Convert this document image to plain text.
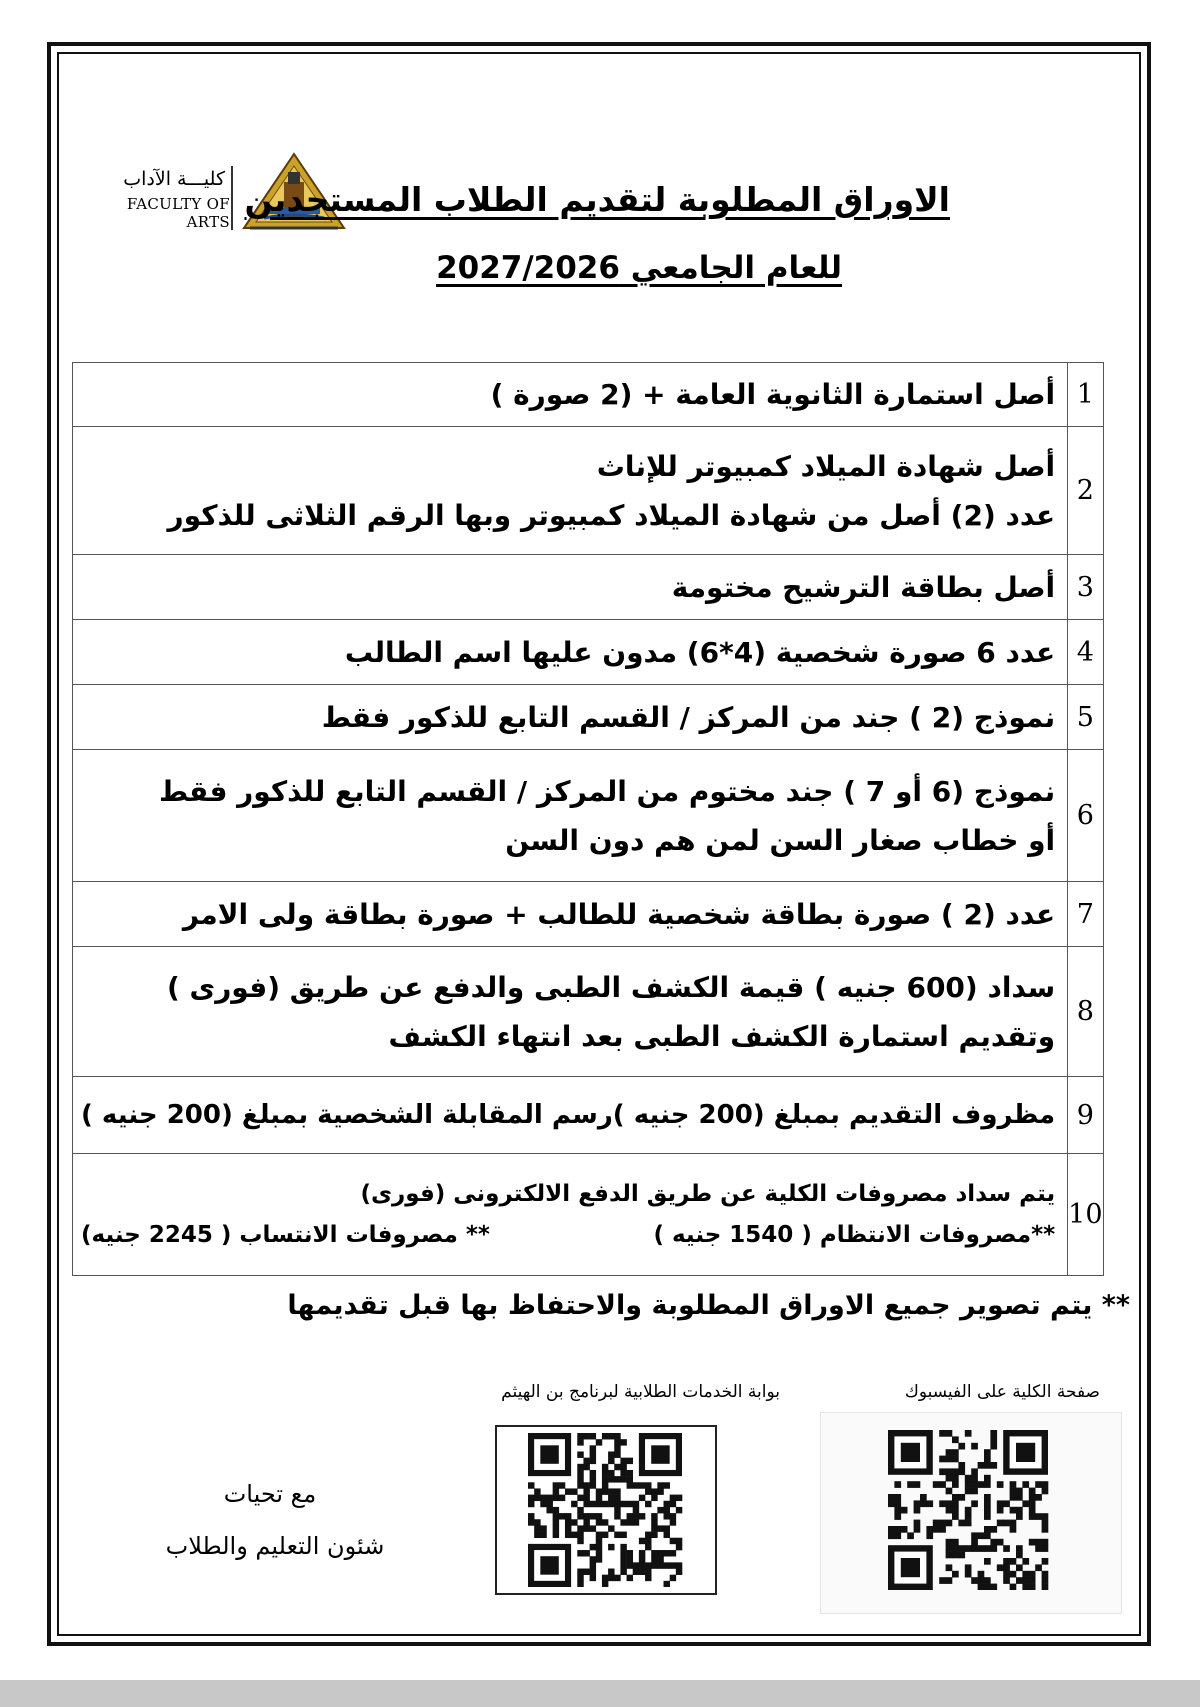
كليـــة الآداب
FACULTY OF ARTS
الاوراق المطلوبة لتقديم الطلاب المستجدين
للعام الجامعي 2027/2026
1	أصل استمارة الثانوية العامة + (2 صورة )

2	أصل شهادة الميلاد كمبيوتر للإناث
عدد (2) أصل من شهادة الميلاد كمبيوتر وبها الرقم الثلاثى للذكور

3	أصل بطاقة الترشيح مختومة

4	عدد 6 صورة شخصية (4*6) مدون عليها اسم الطالب

5	نموذج (2 ) جند من المركز / القسم التابع للذكور فقط

6	نموذج (6 أو 7 ) جند مختوم من المركز / القسم التابع للذكور فقط
أو خطاب صغار السن لمن هم دون السن

7	عدد (2 ) صورة بطاقة شخصية للطالب + صورة بطاقة ولى الامر

8	سداد (600 جنيه ) قيمة الكشف الطبى والدفع عن طريق (فورى )
وتقديم استمارة الكشف الطبى بعد انتهاء الكشف

9	مظروف التقديم بمبلغ (200 جنيه )
رسم المقابلة الشخصية بمبلغ (200 جنيه )

10	يتم سداد مصروفات الكلية عن طريق الدفع الالكترونى (فورى)
**مصروفات الانتظام ( 1540 جنيه )
** مصروفات الانتساب ( 2245 جنيه)
** يتم تصوير جميع الاوراق المطلوبة والاحتفاظ بها قبل تقديمها
صفحة الكلية على الفيسبوك
بوابة الخدمات الطلابية لبرنامج بن الهيثم
مع تحيات
شئون التعليم والطلاب
